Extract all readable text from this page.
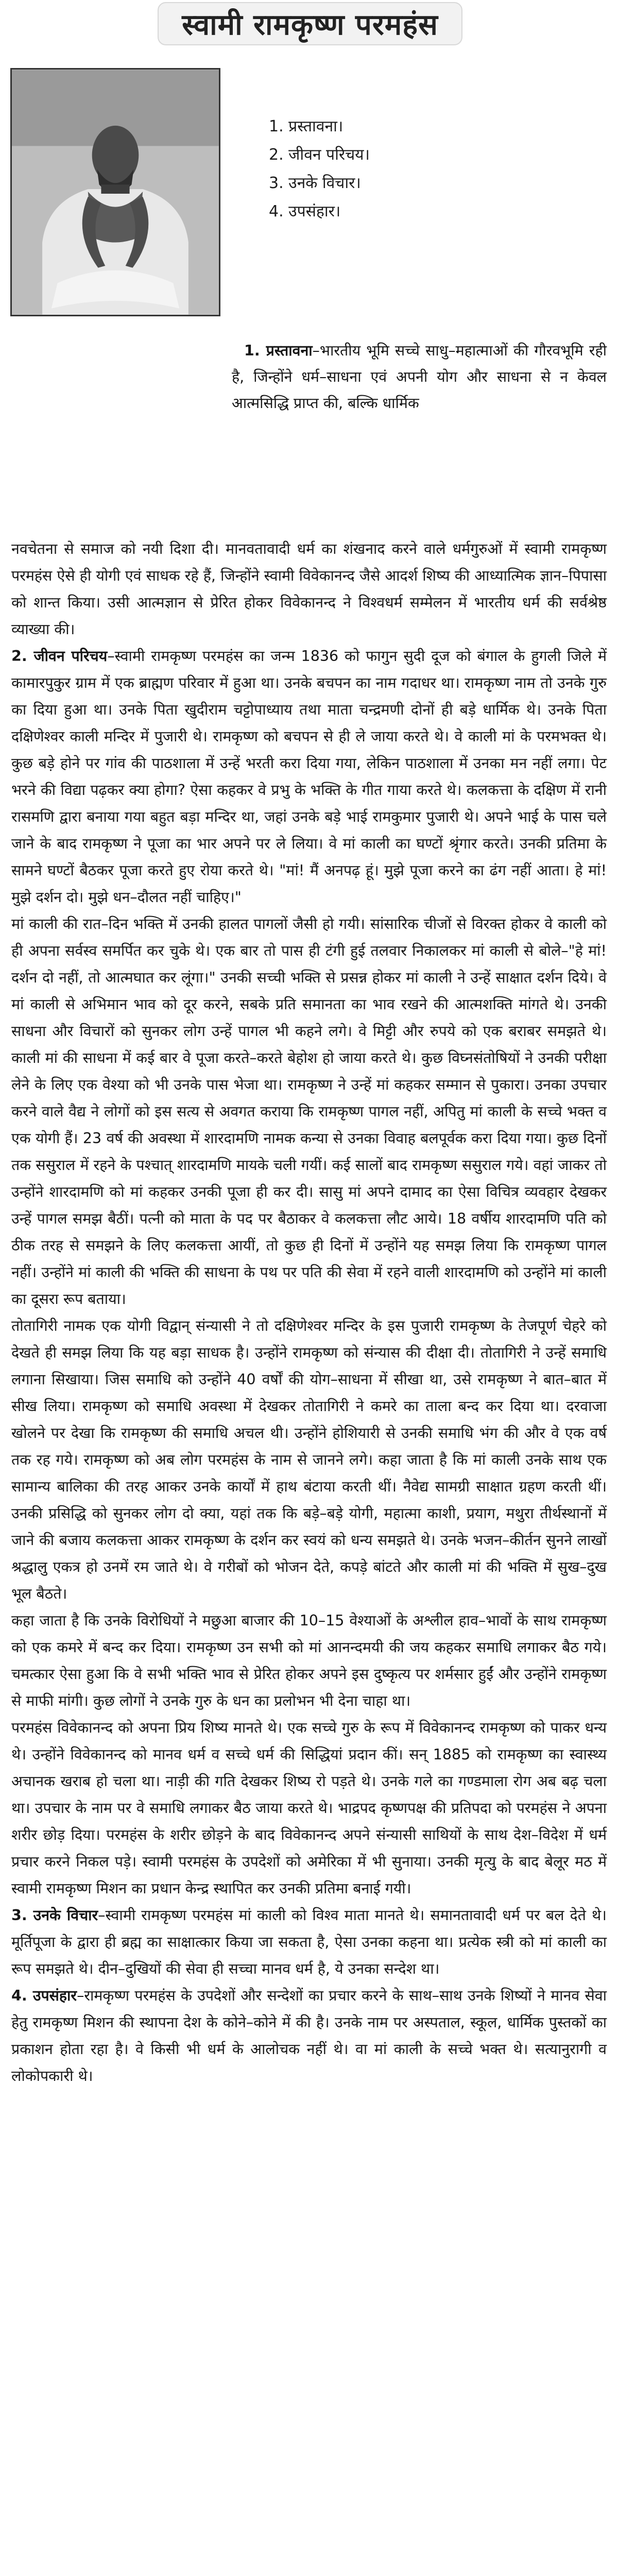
स्वामी रामकृष्ण परमहंस
1. प्रस्तावना।
2. जीवन परिचय।
3. उनके विचार।
4. उपसंहार।

1. प्रस्तावना–भारतीय भूमि सच्चे साधु–महात्माओं की गौरवभूमि रही है, जिन्होंने धर्म–साधना एवं अपनी योग और साधना से न केवल आत्मसिद्धि प्राप्त की, बल्कि धार्मिक

नवचेतना से समाज को नयी दिशा दी। मानवतावादी धर्म का शंखनाद करने वाले धर्मगुरुओं में स्वामी रामकृष्ण परमहंस ऐसे ही योगी एवं साधक रहे हैं, जिन्होंने स्वामी विवेकानन्द जैसे आदर्श शिष्य की आध्यात्मिक ज्ञान–पिपासा को शान्त किया। उसी आत्मज्ञान से प्रेरित होकर विवेकानन्द ने विश्वधर्म सम्मेलन में भारतीय धर्म की सर्वश्रेष्ठ व्याख्या की।

2. जीवन परिचय–स्वामी रामकृष्ण परमहंस का जन्म 1836 को फागुन सुदी दूज को बंगाल के हुगली जिले में कामारपुकुर ग्राम में एक ब्राह्मण परिवार में हुआ था। उनके बचपन का नाम गदाधर था। रामकृष्ण नाम तो उनके गुरु का दिया हुआ था। उनके पिता खुदीराम चट्टोपाध्याय तथा माता चन्द्रमणी दोनों ही बड़े धार्मिक थे। उनके पिता दक्षिणेश्वर काली मन्दिर में पुजारी थे। रामकृष्ण को बचपन से ही ले जाया करते थे। वे काली मां के परमभक्त थे। कुछ बड़े होने पर गांव की पाठशाला में उन्हें भरती करा दिया गया, लेकिन पाठशाला में उनका मन नहीं लगा। पेट भरने की विद्या पढ़कर क्या होगा? ऐसा कहकर वे प्रभु के भक्ति के गीत गाया करते थे। कलकत्ता के दक्षिण में रानी रासमणि द्वारा बनाया गया बहुत बड़ा मन्दिर था, जहां उनके बड़े भाई रामकुमार पुजारी थे। अपने भाई के पास चले जाने के बाद रामकृष्ण ने पूजा का भार अपने पर ले लिया। वे मां काली का घण्टों श्रृंगार करते। उनकी प्रतिमा के सामने घण्टों बैठकर पूजा करते हुए रोया करते थे। "मां! मैं अनपढ़ हूं। मुझे पूजा करने का ढंग नहीं आता। हे मां! मुझे दर्शन दो। मुझे धन–दौलत नहीं चाहिए।"

मां काली की रात–दिन भक्ति में उनकी हालत पागलों जैसी हो गयी। सांसारिक चीजों से विरक्त होकर वे काली को ही अपना सर्वस्व समर्पित कर चुके थे। एक बार तो पास ही टंगी हुई तलवार निकालकर मां काली से बोले–"हे मां! दर्शन दो नहीं, तो आत्मघात कर लूंगा।" उनकी सच्ची भक्ति से प्रसन्न होकर मां काली ने उन्हें साक्षात दर्शन दिये। वे मां काली से अभिमान भाव को दूर करने, सबके प्रति समानता का भाव रखने की आत्मशक्ति मांगते थे। उनकी साधना और विचारों को सुनकर लोग उन्हें पागल भी कहने लगे। वे मिट्टी और रुपये को एक बराबर समझते थे। काली मां की साधना में कई बार वे पूजा करते–करते बेहोश हो जाया करते थे। कुछ विघ्नसंतोषियों ने उनकी परीक्षा लेने के लिए एक वेश्या को भी उनके पास भेजा था। रामकृष्ण ने उन्हें मां कहकर सम्मान से पुकारा। उनका उपचार करने वाले वैद्य ने लोगों को इस सत्य से अवगत कराया कि रामकृष्ण पागल नहीं, अपितु मां काली के सच्चे भक्त व एक योगी हैं। 23 वर्ष की अवस्था में शारदामणि नामक कन्या से उनका विवाह बलपूर्वक करा दिया गया। कुछ दिनों तक ससुराल में रहने के पश्चात् शारदामणि मायके चली गयीं। कई सालों बाद रामकृष्ण ससुराल गये। वहां जाकर तो उन्होंने शारदामणि को मां कहकर उनकी पूजा ही कर दी। सासु मां अपने दामाद का ऐसा विचित्र व्यवहार देखकर उन्हें पागल समझ बैठीं। पत्नी को माता के पद पर बैठाकर वे कलकत्ता लौट आये। 18 वर्षीय शारदामणि पति को ठीक तरह से समझने के लिए कलकत्ता आयीं, तो कुछ ही दिनों में उन्होंने यह समझ लिया कि रामकृष्ण पागल नहीं। उन्होंने मां काली की भक्ति की साधना के पथ पर पति की सेवा में रहने वाली शारदामणि को उन्होंने मां काली का दूसरा रूप बताया।

तोतागिरी नामक एक योगी विद्वान् संन्यासी ने तो दक्षिणेश्वर मन्दिर के इस पुजारी रामकृष्ण के तेजपूर्ण चेहरे को देखते ही समझ लिया कि यह बड़ा साधक है। उन्होंने रामकृष्ण को संन्यास की दीक्षा दी। तोतागिरी ने उन्हें समाधि लगाना सिखाया। जिस समाधि को उन्होंने 40 वर्षों की योग–साधना में सीखा था, उसे रामकृष्ण ने बात–बात में सीख लिया। रामकृष्ण को समाधि अवस्था में देखकर तोतागिरी ने कमरे का ताला बन्द कर दिया था। दरवाजा खोलने पर देखा कि रामकृष्ण की समाधि अचल थी। उन्होंने होशियारी से उनकी समाधि भंग की और वे एक वर्ष तक रह गये। रामकृष्ण को अब लोग परमहंस के नाम से जानने लगे। कहा जाता है कि मां काली उनके साथ एक सामान्य बालिका की तरह आकर उनके कार्यों में हाथ बंटाया करती थीं। नैवेद्य सामग्री साक्षात ग्रहण करती थीं। उनकी प्रसिद्धि को सुनकर लोग दो क्या, यहां तक कि बड़े–बड़े योगी, महात्मा काशी, प्रयाग, मथुरा तीर्थस्थानों में जाने की बजाय कलकत्ता आकर रामकृष्ण के दर्शन कर स्वयं को धन्य समझते थे। उनके भजन–कीर्तन सुनने लाखों श्रद्धालु एकत्र हो उनमें रम जाते थे। वे गरीबों को भोजन देते, कपड़े बांटते और काली मां की भक्ति में सुख–दुख भूल बैठते।

कहा जाता है कि उनके विरोधियों ने मछुआ बाजार की 10–15 वेश्याओं के अश्लील हाव–भावों के साथ रामकृष्ण को एक कमरे में बन्द कर दिया। रामकृष्ण उन सभी को मां आनन्दमयी की जय कहकर समाधि लगाकर बैठ गये। चमत्कार ऐसा हुआ कि वे सभी भक्ति भाव से प्रेरित होकर अपने इस दुष्कृत्य पर शर्मसार हुईं और उन्होंने रामकृष्ण से माफी मांगी। कुछ लोगों ने उनके गुरु के धन का प्रलोभन भी देना चाहा था।

परमहंस विवेकानन्द को अपना प्रिय शिष्य मानते थे। एक सच्चे गुरु के रूप में विवेकानन्द रामकृष्ण को पाकर धन्य थे। उन्होंने विवेकानन्द को मानव धर्म व सच्चे धर्म की सिद्धियां प्रदान कीं। सन् 1885 को रामकृष्ण का स्वास्थ्य अचानक खराब हो चला था। नाड़ी की गति देखकर शिष्य रो पड़ते थे। उनके गले का गण्डमाला रोग अब बढ़ चला था। उपचार के नाम पर वे समाधि लगाकर बैठ जाया करते थे। भाद्रपद कृष्णपक्ष की प्रतिपदा को परमहंस ने अपना शरीर छोड़ दिया। परमहंस के शरीर छोड़ने के बाद विवेकानन्द अपने संन्यासी साथियों के साथ देश–विदेश में धर्म प्रचार करने निकल पड़े। स्वामी परमहंस के उपदेशों को अमेरिका में भी सुनाया। उनकी मृत्यु के बाद बेलूर मठ में स्वामी रामकृष्ण मिशन का प्रधान केन्द्र स्थापित कर उनकी प्रतिमा बनाई गयी।

3. उनके विचार–स्वामी रामकृष्ण परमहंस मां काली को विश्व माता मानते थे। समानतावादी धर्म पर बल देते थे। मूर्तिपूजा के द्वारा ही ब्रह्म का साक्षात्कार किया जा सकता है, ऐसा उनका कहना था। प्रत्येक स्त्री को मां काली का रूप समझते थे। दीन–दुखियों की सेवा ही सच्चा मानव धर्म है, ये उनका सन्देश था।

4. उपसंहार–रामकृष्ण परमहंस के उपदेशों और सन्देशों का प्रचार करने के साथ–साथ उनके शिष्यों ने मानव सेवा हेतु रामकृष्ण मिशन की स्थापना देश के कोने–कोने में की है। उनके नाम पर अस्पताल, स्कूल, धार्मिक पुस्तकों का प्रकाशन होता रहा है। वे किसी भी धर्म के आलोचक नहीं थे। वा मां काली के सच्चे भक्त थे। सत्यानुरागी व लोकोपकारी थे।
